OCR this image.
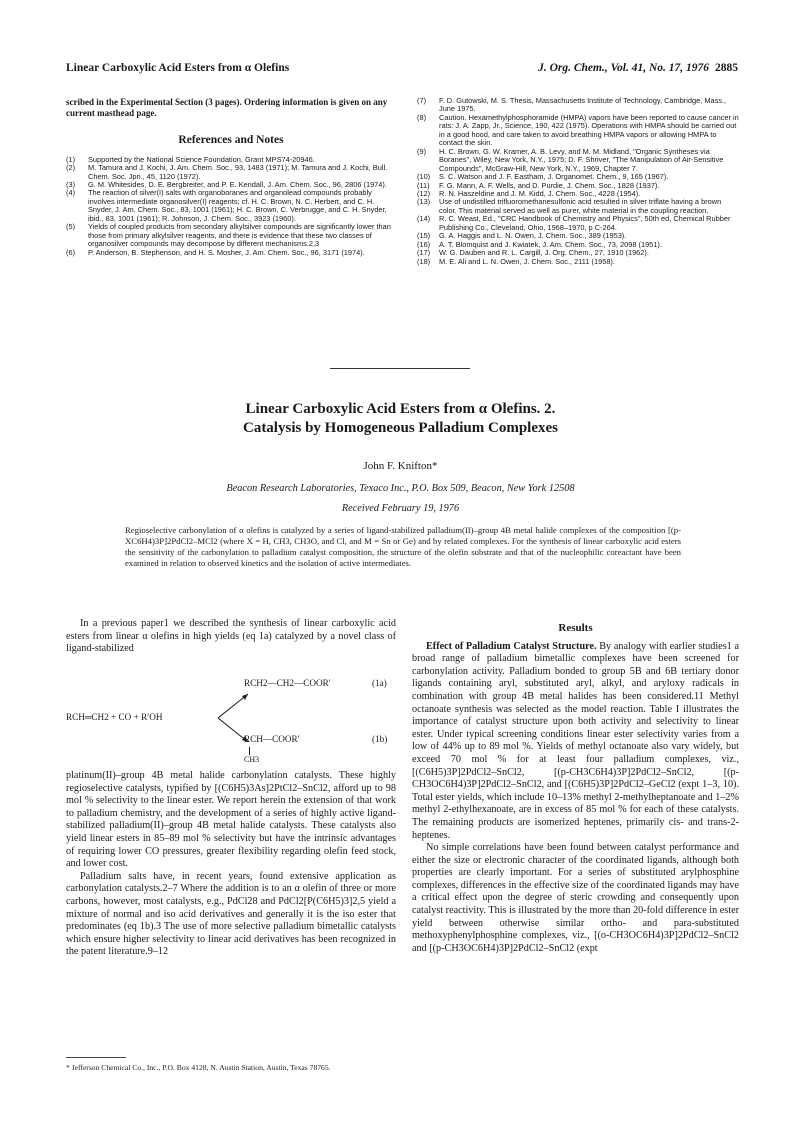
Linear Carboxylic Acid Esters from α Olefins	J. Org. Chem., Vol. 41, No. 17, 1976 2885
scribed in the Experimental Section (3 pages). Ordering information is given on any current masthead page.
References and Notes
(1)	Supported by the National Science Foundation, Grant MPS74-20946.
(2)	M. Tamura and J. Kochi, J. Am. Chem. Soc., 93, 1483 (1971); M. Tamura and J. Kochi, Bull. Chem. Soc. Jpn., 45, 1120 (1972).
(3)	G. M. Whitesides, D. E. Bergbreiter, and P. E. Kendall, J. Am. Chem. Soc., 96, 2806 (1974).
(4)	The reaction of silver(I) salts with organoboranes and organolead compounds probably involves intermediate organosilver(I) reagents; cf. H. C. Brown, N. C. Herbert, and C. H. Snyder, J. Am. Chem. Soc., 83, 1001 (1961); H. C. Brown, C. Verbrugge, and C. H. Snyder, ibid., 83, 1001 (1961); R. Johnson, J. Chem. Soc., 3923 (1960).
(5)	Yields of coupled products from secondary alkylsilver compounds are significantly lower than those from primary alkylsilver reagents, and there is evidence that these two classes of organosilver compounds may decompose by different mechanisms.2,3
(6)	P. Anderson, B. Stephenson, and H. S. Mosher, J. Am. Chem. Soc., 96, 3171 (1974).
(7)	F. D. Gutowski, M. S. Thesis, Massachusetts Institute of Technology, Cambridge, Mass., June 1975.
(8)	Caution. Hexamethylphosphoramide (HMPA) vapors have been reported to cause cancer in rats: J. A. Zapp, Jr., Science, 190, 422 (1975). Operations with HMPA should be carried out in a good hood, and care taken to avoid breathing HMPA vapors or allowing HMPA to contact the skin.
(9)	H. C. Brown, G. W. Kramer, A. B. Levy, and M. M. Midland, "Organic Syntheses via Boranes", Wiley, New York, N.Y., 1975; D. F. Shriver, "The Manipulation of Air-Sensitive Compounds", McGraw-Hill, New York, N.Y., 1969, Chapter 7.
(10)	S. C. Watson and J. F. Eastham, J. Organomet. Chem., 9, 165 (1967).
(11)	F. G. Mann, A. F. Wells, and D. Purdie, J. Chem. Soc., 1828 (1937).
(12)	R. N. Haszeldine and J. M. Kidd, J. Chem. Soc., 4228 (1954).
(13)	Use of undistilled trifluoromethanesulfonic acid resulted in silver triflate having a brown color. This material served as well as purer, white material in the coupling reaction.
(14)	R. C. Weast, Ed., "CRC Handbook of Chemistry and Physics", 50th ed, Chemical Rubber Publishing Co., Cleveland, Ohio, 1968–1970, p C-264.
(15)	G. A. Haggis and L. N. Owen, J. Chem. Soc., 389 (1953).
(16)	A. T. Blomquist and J. Kwiatek, J. Am. Chem. Soc., 73, 2098 (1951).
(17)	W. G. Dauben and R. L. Cargill, J. Org. Chem., 27, 1910 (1962).
(18)	M. E. Ali and L. N. Owen, J. Chem. Soc., 2111 (1958).
Linear Carboxylic Acid Esters from α Olefins. 2.
Catalysis by Homogeneous Palladium Complexes
John F. Knifton*
Beacon Research Laboratories, Texaco Inc., P.O. Box 509, Beacon, New York 12508
Received February 19, 1976
Regioselective carbonylation of α olefins is catalyzed by a series of ligand-stabilized palladium(II)–group 4B metal halide complexes of the composition [(p-XC6H4)3P]2PdCl2–MCl2 (where X = H, CH3, CH3O, and Cl, and M = Sn or Ge) and by related complexes. For the synthesis of linear carboxylic acid esters the sensitivity of the carbonylation to palladium catalyst composition, the structure of the olefin substrate and that of the nucleophilic coreactant have been examined in relation to observed kinetics and the isolation of active intermediates.

In a previous paper1 we described the synthesis of linear carboxylic acid esters from linear α olefins in high yields (eq 1a) catalyzed by a novel class of ligand-stabilized

RCH═CH2 + CO + R′OH
RCH2—CH2—COOR′	(1a)
RCH—COOR′	(1b)
CH3

platinum(II)–group 4B metal halide carbonylation catalysts. These highly regioselective catalysts, typified by [(C6H5)3As]2PtCl2–SnCl2, afford up to 98 mol % selectivity to the linear ester. We report herein the extension of that work to palladium chemistry, and the development of a series of highly active ligand-stabilized palladium(II)–group 4B metal halide catalysts. These catalysts also yield linear esters in 85–89 mol % selectivity but have the intrinsic advantages of requiring lower CO pressures, greater flexibility regarding olefin feed stock, and lower cost.

Palladium salts have, in recent years, found extensive application as carbonylation catalysts.2–7 Where the addition is to an α olefin of three or more carbons, however, most catalysts, e.g., PdCl28 and PdCl2[P(C6H5)3]2,5 yield a mixture of normal and iso acid derivatives and generally it is the iso ester that predominates (eq 1b).3 The use of more selective palladium bimetallic catalysts which ensure higher selectivity to linear acid derivatives has been recognized in the patent literature.9–12

* Jefferson Chemical Co., Inc., P.O. Box 4128, N. Austin Station, Austin, Texas 78765.
Results

Effect of Palladium Catalyst Structure. By analogy with earlier studies1 a broad range of palladium bimetallic complexes have been screened for carbonylation activity. Palladium bonded to group 5B and 6B tertiary donor ligands containing aryl, substituted aryl, alkyl, and aryloxy radicals in combination with group 4B metal halides has been considered.11 Methyl octanoate synthesis was selected as the model reaction. Table I illustrates the importance of catalyst structure upon both activity and selectivity to linear ester. Under typical screening conditions linear ester selectivity varies from a low of 44% up to 89 mol %. Yields of methyl octanoate also vary widely, but exceed 70 mol % for at least four palladium complexes, viz., [(C6H5)3P]2PdCl2–SnCl2, [(p-CH3C6H4)3P]2PdCl2–SnCl2, [(p-CH3OC6H4)3P]2PdCl2–SnCl2, and [(C6H5)3P]2PdCl2–GeCl2 (expt 1–3, 10). Total ester yields, which include 10–13% methyl 2-methylheptanoate and 1–2% methyl 2-ethylhexanoate, are in excess of 85 mol % for each of these catalysts. The remaining products are isomerized heptenes, primarily cis- and trans-2-heptenes.

No simple correlations have been found between catalyst performance and either the size or electronic character of the coordinated ligands, although both properties are clearly important. For a series of substituted arylphosphine complexes, differences in the effective size of the coordinated ligands may have a critical effect upon the degree of steric crowding and consequently upon catalyst reactivity. This is illustrated by the more than 20-fold difference in ester yield between otherwise similar ortho- and para-substituted methoxyphenylphosphine complexes, viz., [(o-CH3OC6H4)3P]2PdCl2–SnCl2 and [(p-CH3OC6H4)3P]2PdCl2–SnCl2 (expt
